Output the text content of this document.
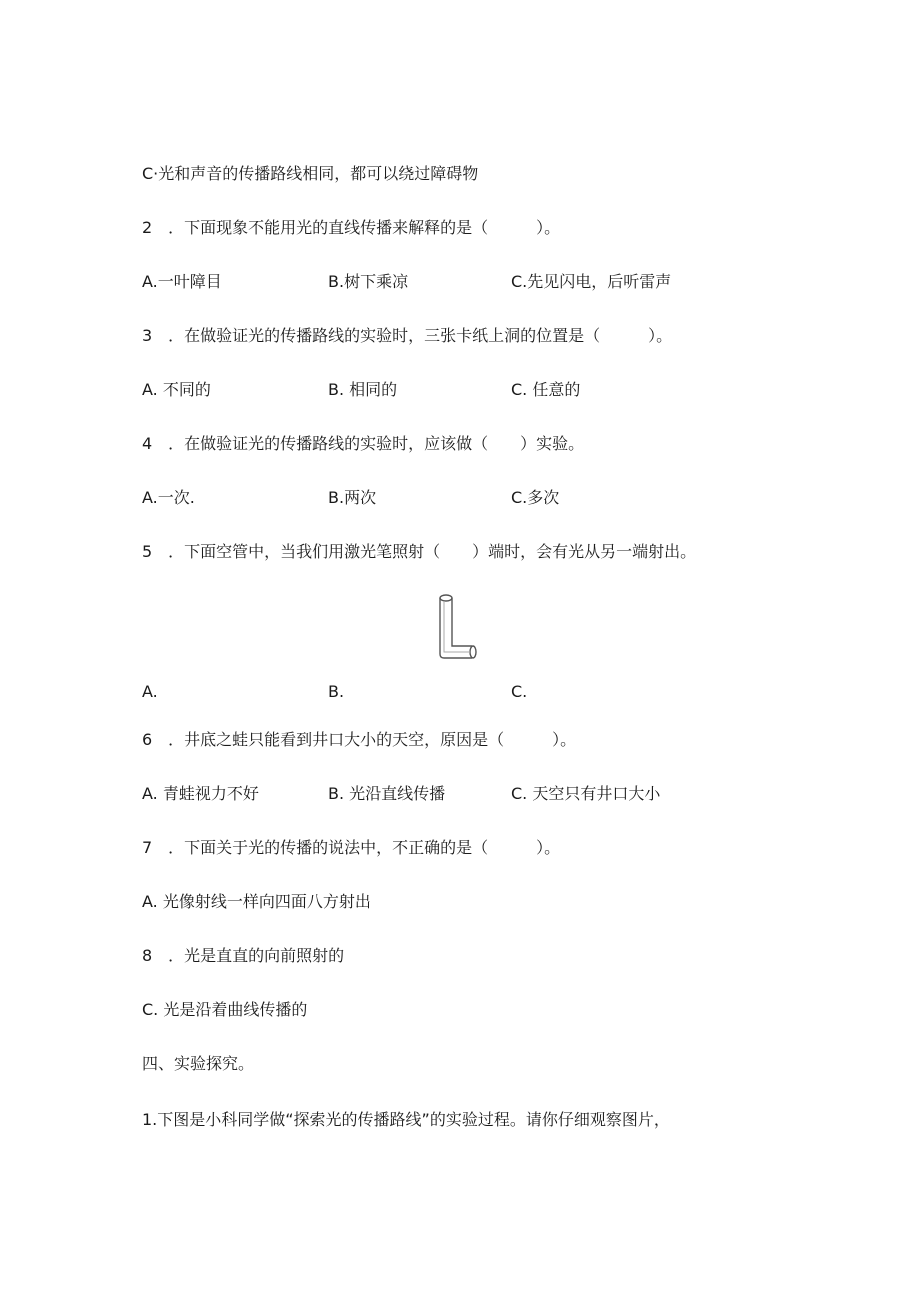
C·光和声音的传播路线相同，都可以绕过障碍物
2　．下面现象不能用光的直线传播来解释的是（　　　）。
A.一叶障目	B.树下乘凉	C.先见闪电，后听雷声
3　．在做验证光的传播路线的实验时，三张卡纸上洞的位置是（　　　）。
A. 不同的	B. 相同的	C. 任意的
4　．在做验证光的传播路线的实验时，应该做（　　）实验。
A.一次.	B.两次	C.多次
5　．下面空管中，当我们用激光笔照射（　　）端时，会有光从另一端射出。
A.	B.	C.
6　．井底之蛙只能看到井口大小的天空，原因是（　　　）。
A. 青蛙视力不好	B. 光沿直线传播	C. 天空只有井口大小
7　．下面关于光的传播的说法中，不正确的是（　　　）。
A. 光像射线一样向四面八方射出
8　．光是直直的向前照射的
C. 光是沿着曲线传播的
四、实验探究。
1.下图是小科同学做“探索光的传播路线”的实验过程。请你仔细观察图片，
